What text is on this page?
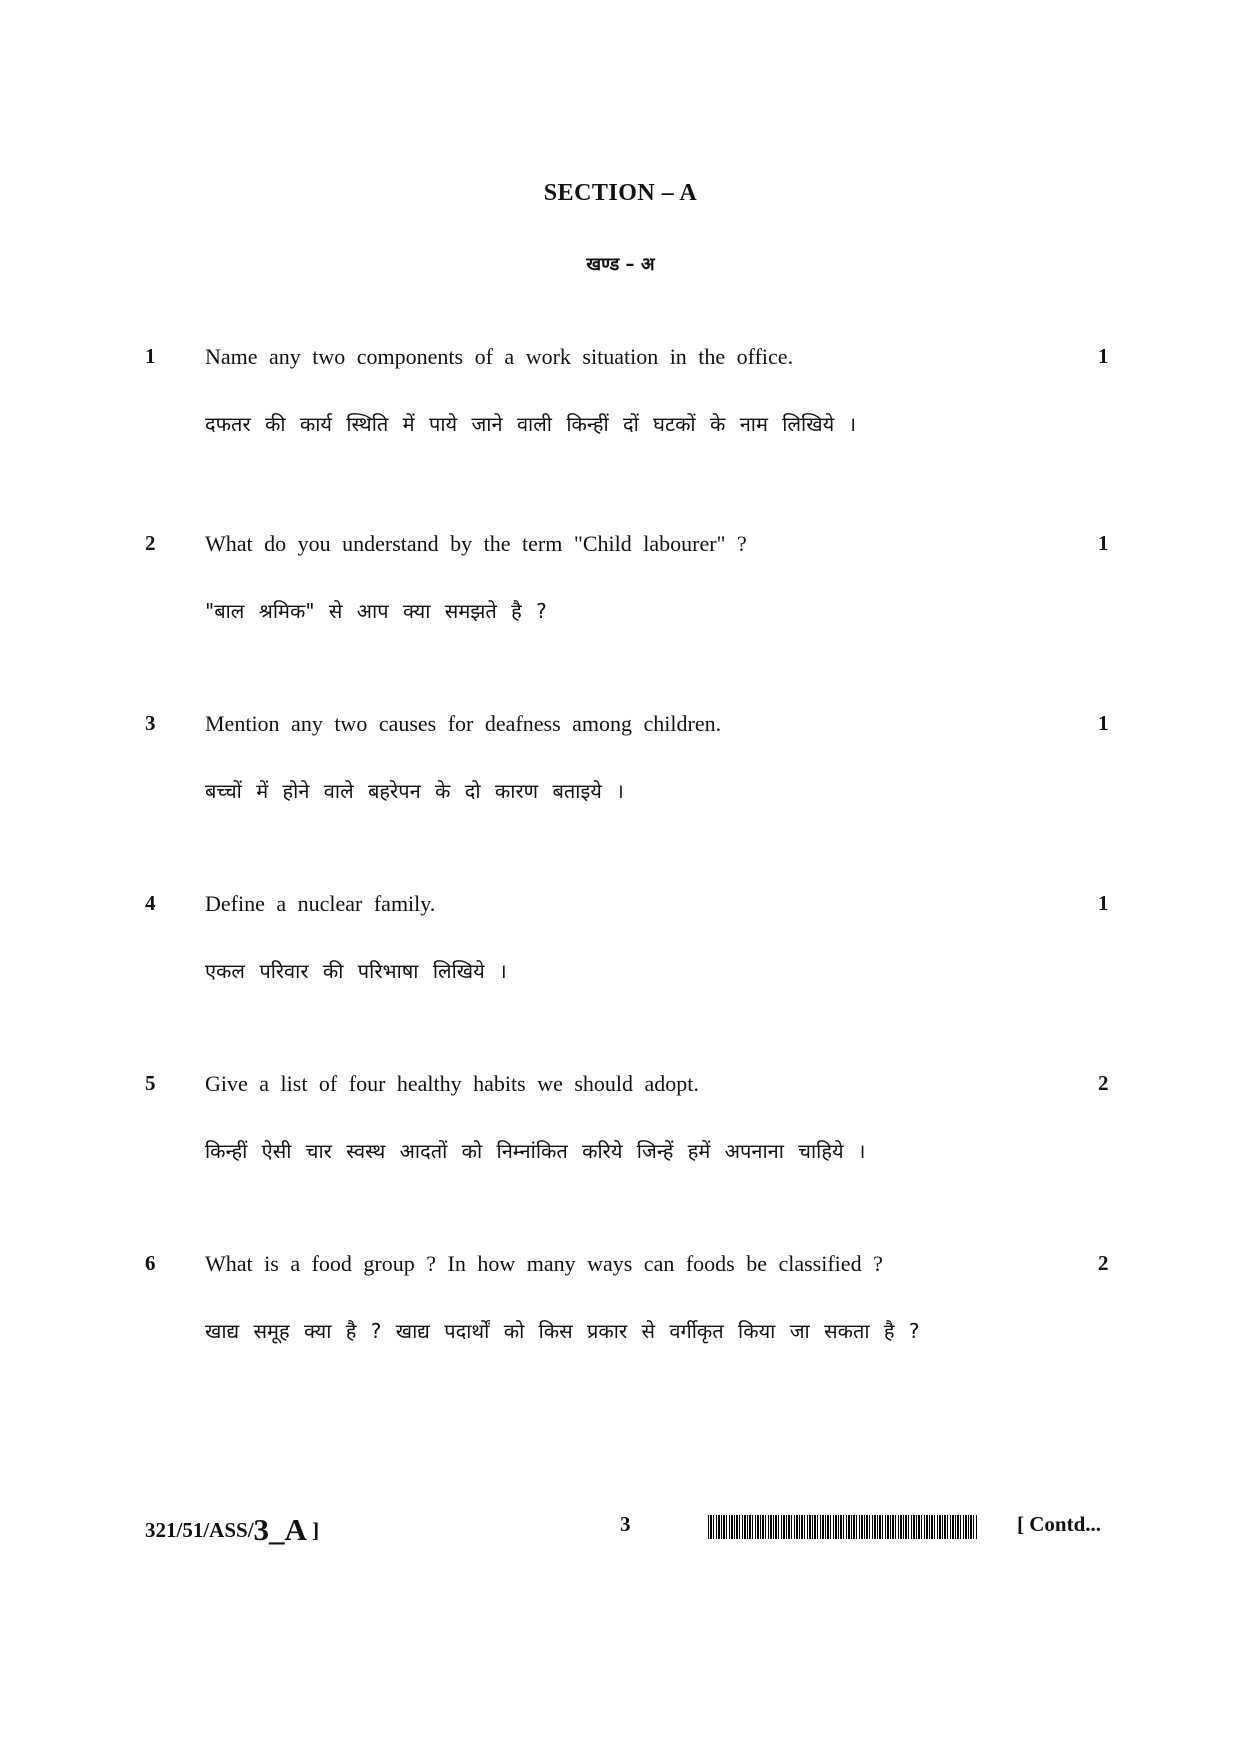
SECTION – A
खण्ड – अ
1 Name any two components of a work situation in the office.	1
दफतर की कार्य स्थिति में पाये जाने वाली किन्हीं दों घटकों के नाम लिखिये ।
2 What do you understand by the term "Child labourer" ?	1
"बाल श्रमिक" से आप क्या समझते है ?
3 Mention any two causes for deafness among children.	1
बच्चों में होने वाले बहरेपन के दो कारण बताइये ।
4 Define a nuclear family.	1
एकल परिवार की परिभाषा लिखिये ।
5 Give a list of four healthy habits we should adopt.	2
किन्हीं ऐसी चार स्वस्थ आदतों को निम्नांकित करिये जिन्हें हमें अपनाना चाहिये ।
6 What is a food group ? In how many ways can foods be classified ?	2
खाद्य समूह क्या है ? खाद्य पदार्थों को किस प्रकार से वर्गीकृत किया जा सकता है ?
321/51/ASS/3_A ]	3	[ Contd...
